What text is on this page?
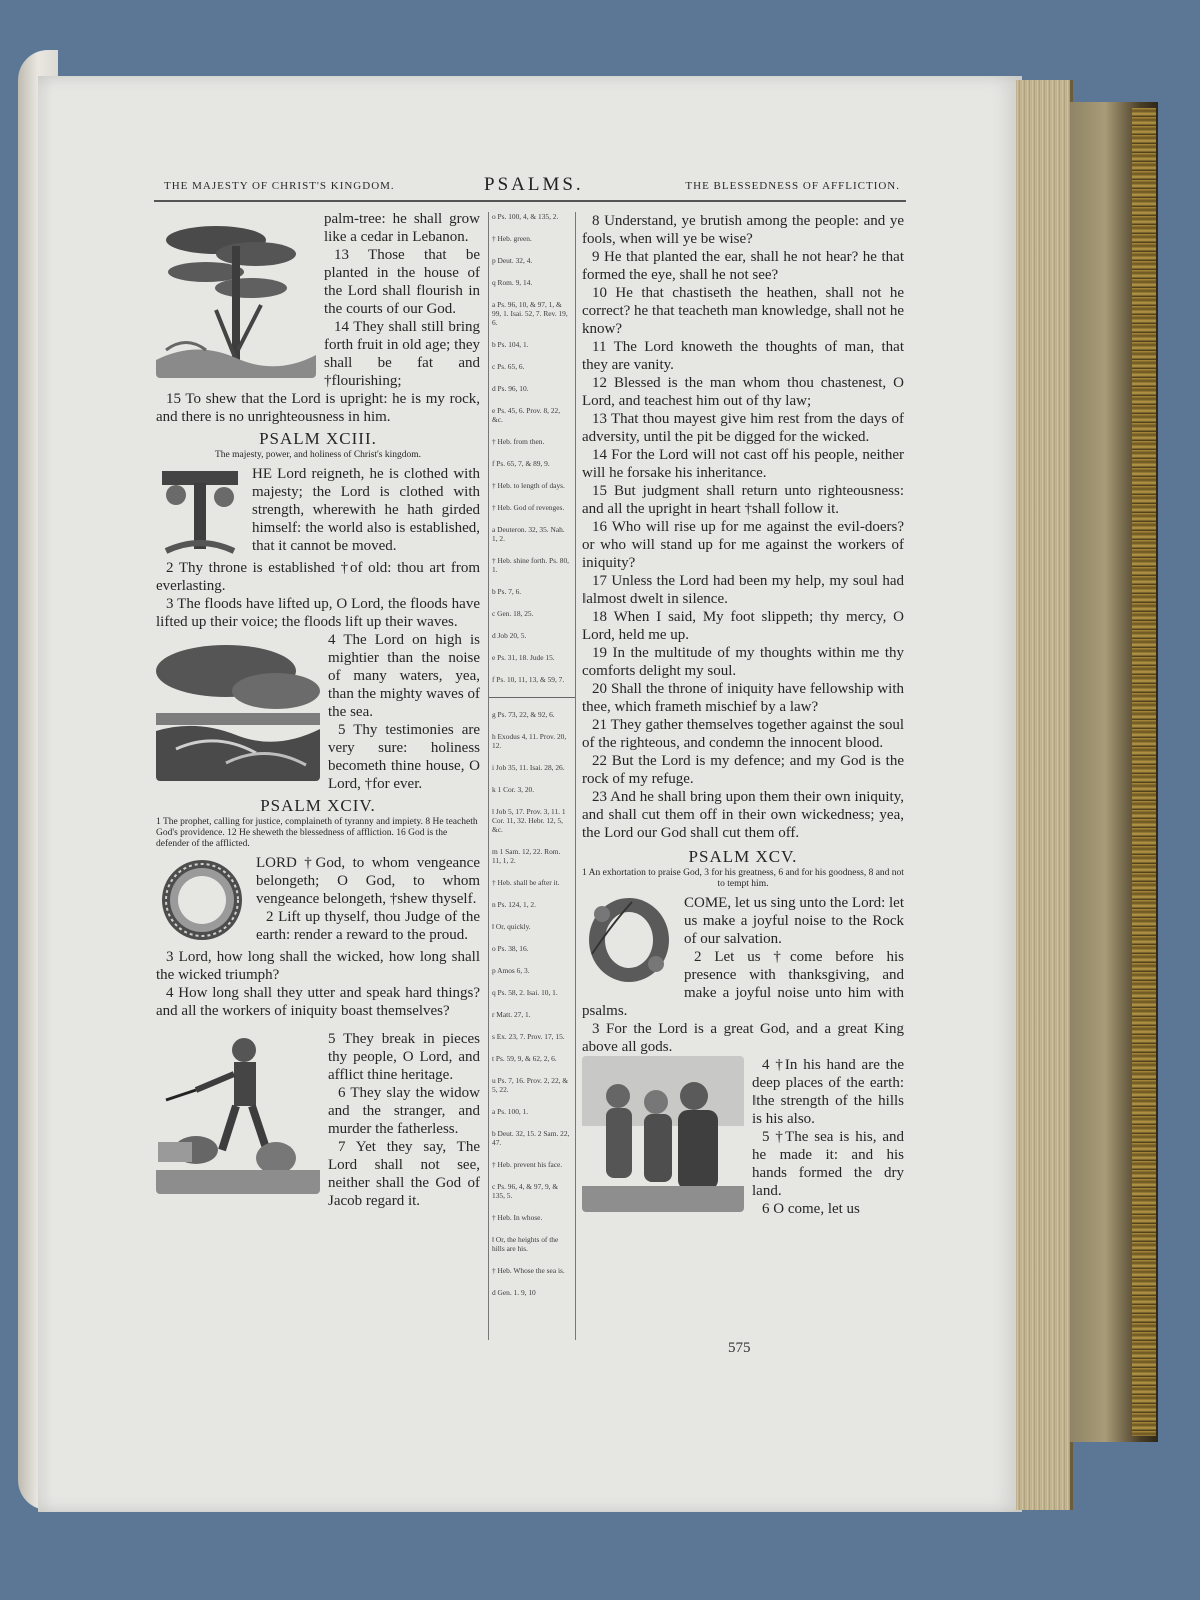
THE MAJESTY OF CHRIST'S KINGDOM.	PSALMS.	THE BLESSEDNESS OF AFFLICTION.

palm-tree: he shall grow like a cedar in Lebanon.

13 Those that be planted in the house of the Lord shall flourish in the courts of our God.

14 They shall still bring forth fruit in old age; they shall be fat and †flourishing;

15 To shew that the Lord is upright: he is my rock, and there is no unrighteousness in him.

PSALM XCIII.
The majesty, power, and holiness of Christ's kingdom.

HE Lord reigneth, he is clothed with majesty; the Lord is clothed with strength, wherewith he hath girded himself: the world also is established, that it cannot be moved.

2 Thy throne is established †of old: thou art from everlasting.

3 The floods have lifted up, O Lord, the floods have lifted up their voice; the floods lift up their waves.

4 The Lord on high is mightier than the noise of many waters, yea, than the mighty waves of the sea.

5 Thy testimonies are very sure: holiness becometh thine house, O Lord, †for ever.

PSALM XCIV.
1 The prophet, calling for justice, complaineth of tyranny and impiety. 8 He teacheth God's providence. 12 He sheweth the blessedness of affliction. 16 God is the defender of the afflicted.

LORD †God, to whom vengeance belongeth; O God, to whom vengeance belongeth, †shew thyself.

2 Lift up thyself, thou Judge of the earth: render a reward to the proud.

3 Lord, how long shall the wicked, how long shall the wicked triumph?

4 How long shall they utter and speak hard things? and all the workers of iniquity boast themselves?

5 They break in pieces thy people, O Lord, and afflict thine heritage.

6 They slay the widow and the stranger, and murder the fatherless.

7 Yet they say, The Lord shall not see, neither shall the God of Jacob regard it.

o Ps. 100, 4, & 135, 2.
† Heb. green.
p Deut. 32, 4.
q Rom. 9, 14.
a Ps. 96, 10, & 97, 1, & 99, 1. Isai. 52, 7. Rev. 19, 6.
b Ps. 104, 1.
c Ps. 65, 6.
d Ps. 96, 10.
e Ps. 45, 6. Prov. 8, 22, &c.
† Heb. from then.
f Ps. 65, 7, & 89, 9.
† Heb. to length of days.
† Heb. God of revenges.
a Deuteron. 32, 35. Nah. 1, 2.
† Heb. shine forth. Ps. 80, 1.
b Ps. 7, 6.
c Gen. 18, 25.
d Job 20, 5.
e Ps. 31, 18. Jude 15.
f Ps. 10, 11, 13, & 59, 7.
g Ps. 73, 22, & 92, 6.
h Exodus 4, 11. Prov. 20, 12.
i Job 35, 11. Isai. 28, 26.
k 1 Cor. 3, 20.
l Job 5, 17. Prov. 3, 11. 1 Cor. 11, 32. Hebr. 12, 5, &c.
m 1 Sam. 12, 22. Rom. 11, 1, 2.
† Heb. shall be after it.
n Ps. 124, 1, 2.
‖ Or, quickly.
o Ps. 38, 16.
p Amos 6, 3.
q Ps. 58, 2. Isai. 10, 1.
r Matt. 27, 1.
s Ex. 23, 7. Prov. 17, 15.
t Ps. 59, 9, & 62, 2, 6.
u Ps. 7, 16. Prov. 2, 22, & 5, 22.
a Ps. 100, 1.
b Deut. 32, 15. 2 Sam. 22, 47.
† Heb. prevent his face.
c Ps. 96, 4, & 97, 9, & 135, 5.
† Heb. In whose.
‖ Or, the heights of the hills are his.
† Heb. Whose the sea is.
d Gen. 1. 9, 10

8 Understand, ye brutish among the people: and ye fools, when will ye be wise?

9 He that planted the ear, shall he not hear? he that formed the eye, shall he not see?

10 He that chastiseth the heathen, shall not he correct? he that teacheth man knowledge, shall not he know?

11 The Lord knoweth the thoughts of man, that they are vanity.

12 Blessed is the man whom thou chastenest, O Lord, and teachest him out of thy law;

13 That thou mayest give him rest from the days of adversity, until the pit be digged for the wicked.

14 For the Lord will not cast off his people, neither will he forsake his inheritance.

15 But judgment shall return unto righteousness: and all the upright in heart †shall follow it.

16 Who will rise up for me against the evil-doers? or who will stand up for me against the workers of iniquity?

17 Unless the Lord had been my help, my soul had ‖almost dwelt in silence.

18 When I said, My foot slippeth; thy mercy, O Lord, held me up.

19 In the multitude of my thoughts within me thy comforts delight my soul.

20 Shall the throne of iniquity have fellowship with thee, which frameth mischief by a law?

21 They gather themselves together against the soul of the righteous, and condemn the innocent blood.

22 But the Lord is my defence; and my God is the rock of my refuge.

23 And he shall bring upon them their own iniquity, and shall cut them off in their own wickedness; yea, the Lord our God shall cut them off.

PSALM XCV.
1 An exhortation to praise God, 3 for his greatness, 6 and for his goodness, 8 and not to tempt him.

COME, let us sing unto the Lord: let us make a joyful noise to the Rock of our salvation.

2 Let us †come before his presence with thanksgiving, and make a joyful noise unto him with psalms.

3 For the Lord is a great God, and a great King above all gods.

4 †In his hand are the deep places of the earth: ‖the strength of the hills is his also.

5 †The sea is his, and he made it: and his hands formed the dry land.

6 O come, let us

575
